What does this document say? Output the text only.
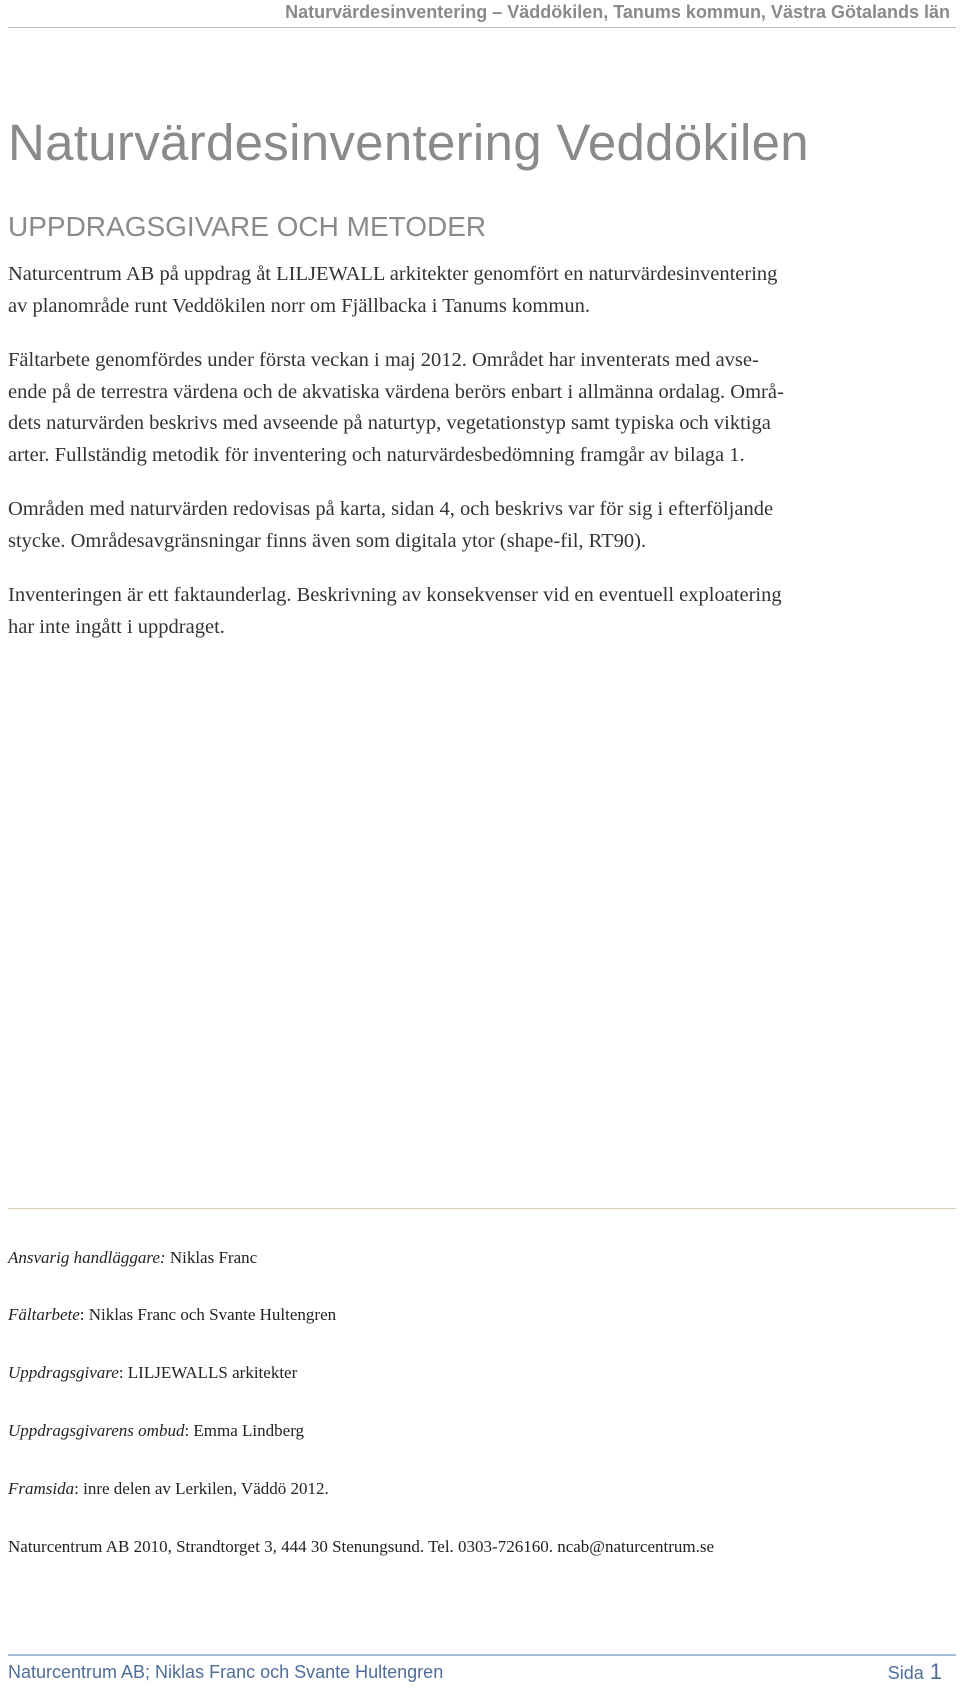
Naturvärdesinventering – Väddökilen, Tanums kommun, Västra Götalands län
Naturvärdesinventering Veddökilen
UPPDRAGSGIVARE OCH METODER

Naturcentrum AB på uppdrag åt LILJEWALL arkitekter genomfört en naturvärdesinventering
av planområde runt Veddökilen norr om Fjällbacka i Tanums kommun.

Fältarbete genomfördes under första veckan i maj 2012. Området har inventerats med avse-
ende på de terrestra värdena och de akvatiska värdena berörs enbart i allmänna ordalag. Områ-
dets naturvärden beskrivs med avseende på naturtyp, vegetationstyp samt typiska och viktiga
arter. Fullständig metodik för inventering och naturvärdesbedömning framgår av bilaga 1.

Områden med naturvärden redovisas på karta, sidan 4, och beskrivs var för sig i efterföljande
stycke. Områdesavgränsningar finns även som digitala ytor (shape-fil, RT90).

Inventeringen är ett faktaunderlag. Beskrivning av konsekvenser vid en eventuell exploatering
har inte ingått i uppdraget.

Ansvarig handläggare: Niklas Franc
Fältarbete: Niklas Franc och Svante Hultengren
Uppdragsgivare: LILJEWALLS arkitekter
Uppdragsgivarens ombud: Emma Lindberg
Framsida: inre delen av Lerkilen, Väddö 2012.
Naturcentrum AB 2010, Strandtorget 3, 444 30 Stenungsund. Tel. 0303-726160. ncab@naturcentrum.se
Naturcentrum AB; Niklas Franc och Svante Hultengren	Sida 1
